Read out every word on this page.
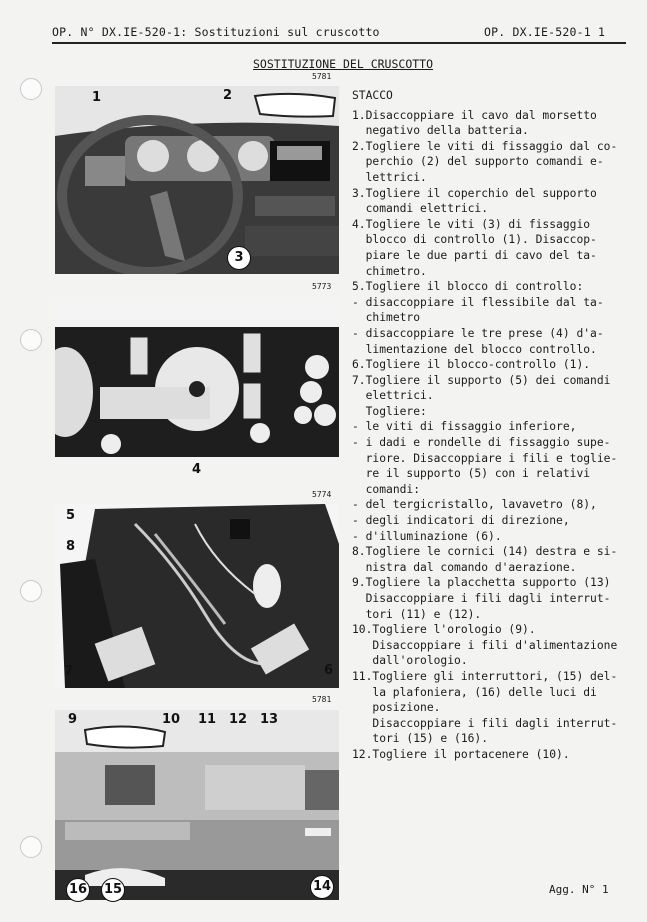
OP. N° DX.IE-520-1: Sostituzioni sul cruscotto	OP. DX.IE-520-1 1
SOSTITUZIONE DEL CRUSCOTTO
5781
1	2
3
5773
4
5774
5
8
7	6
5781
9	10 11 12 13
16 15	14

STACCO

1.Disaccoppiare il cavo dal morsetto

negativo della batteria.

2.Togliere le viti di fissaggio dal co-

perchio (2) del supporto comandi e-

lettrici.

3.Togliere il coperchio del supporto

comandi elettrici.

4.Togliere le viti (3) di fissaggio

blocco di controllo (1). Disaccop-

piare le due parti di cavo del ta-

chimetro.

5.Togliere il blocco di controllo:

- disaccoppiare il flessibile dal ta-

chimetro

- disaccoppiare le tre prese (4) d'a-

limentazione del blocco controllo.

6.Togliere il blocco-controllo (1).

7.Togliere il supporto (5) dei comandi

elettrici.

Togliere:

- le viti di fissaggio inferiore,

- i dadi e rondelle di fissaggio supe-

riore. Disaccoppiare i fili e toglie-

re il supporto (5) con i relativi

comandi:

- del tergicristallo, lavavetro (8),

- degli indicatori di direzione,

- d'illuminazione (6).

8.Togliere le cornici (14) destra e si-

nistra dal comando d'aerazione.

9.Togliere la placchetta supporto (13)

Disaccoppiare i fili dagli interrut-

tori (11) e (12).

10.Togliere l'orologio (9).

Disaccoppiare i fili d'alimentazione

dall'orologio.

11.Togliere gli interruttori, (15) del-

la plafoniera, (16) delle luci di

posizione.

Disaccoppiare i fili dagli interrut-

tori (15) e (16).

12.Togliere il portacenere (10).

Agg. N° 1
